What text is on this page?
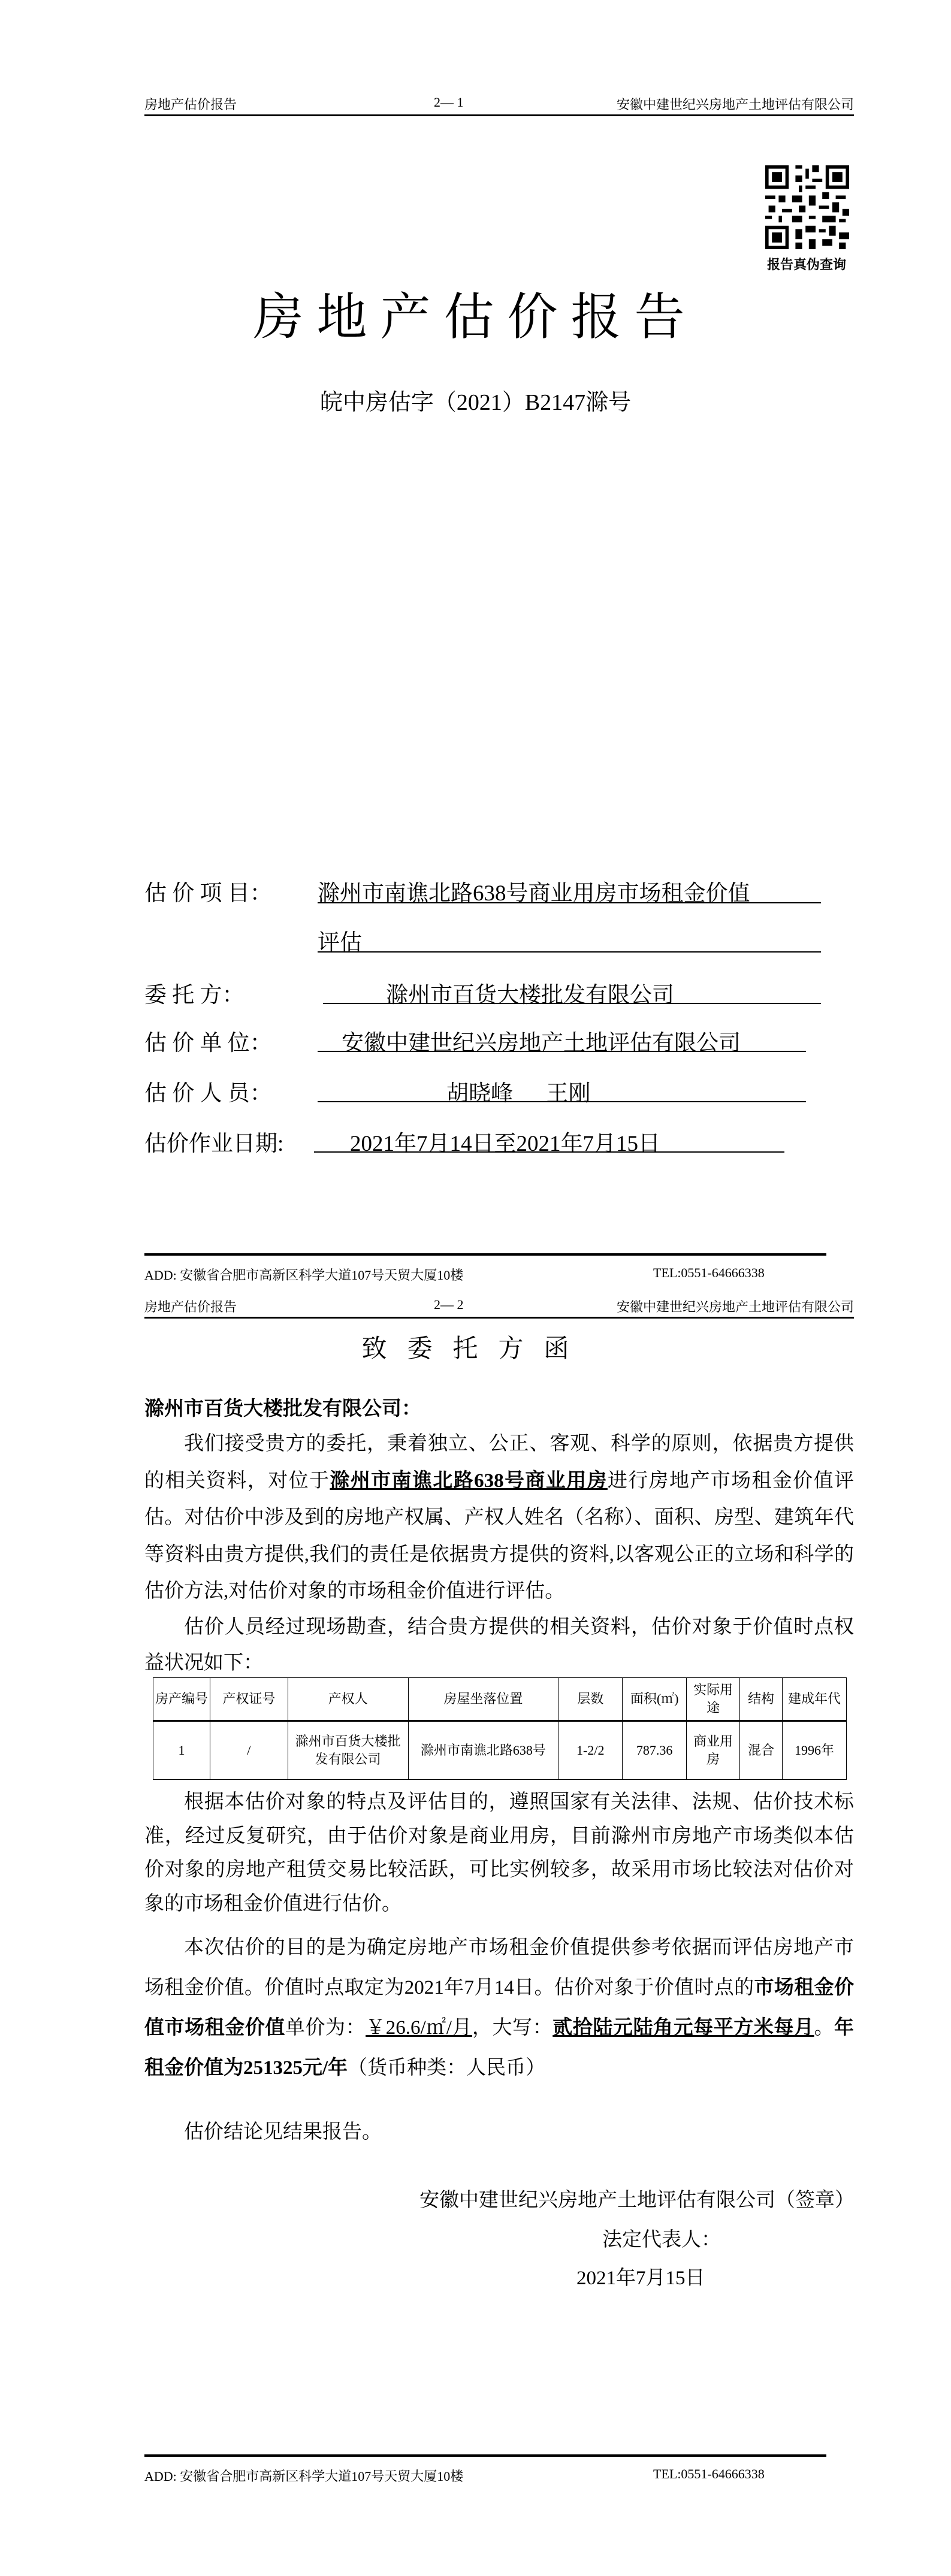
房地产估价报告	2— 1	安徽中建世纪兴房地产土地评估有限公司
报告真伪查询
房地产估价报告
皖中房估字（2021）B2147滁号
估 价 项 目：	滁州市南谯北路638号商业用房市场租金价值
评估
委 托 方：	滁州市百货大楼批发有限公司
估 价 单 位：	安徽中建世纪兴房地产土地评估有限公司
估 价 人 员：	胡晓峰      王刚
估价作业日期:	2021年7月14日至2021年7月15日
ADD: 安徽省合肥市高新区科学大道107号天贸大厦10楼	TEL:0551-64666338
房地产估价报告	2— 2	安徽中建世纪兴房地产土地评估有限公司
致委托方函
滁州市百货大楼批发有限公司：
我们接受贵方的委托，秉着独立、公正、客观、科学的原则，依据贵方提供的相关资料，对位于滁州市南谯北路638号商业用房进行房地产市场租金价值评估。对估价中涉及到的房地产权属、产权人姓名（名称）、面积、房型、建筑年代等资料由贵方提供,我们的责任是依据贵方提供的资料,以客观公正的立场和科学的估价方法,对估价对象的市场租金价值进行评估。
估价人员经过现场勘查，结合贵方提供的相关资料，估价对象于价值时点权益状况如下：
房产编号	产权证号	产权人	房屋坐落位置	层数	面积(㎡)	实际用途	结构	建成年代
1	/	滁州市百货大楼批发有限公司	滁州市南谯北路638号	1-2/2	787.36	商业用房	混合	1996年
根据本估价对象的特点及评估目的，遵照国家有关法律、法规、估价技术标准，经过反复研究，由于估价对象是商业用房，目前滁州市房地产市场类似本估价对象的房地产租赁交易比较活跃，可比实例较多，故采用市场比较法对估价对象的市场租金价值进行估价。
本次估价的目的是为确定房地产市场租金价值提供参考依据而评估房地产市场租金价值。价值时点取定为2021年7月14日。估价对象于价值时点的市场租金价值市场租金价值单价为：￥26.6/㎡/月，大写：贰拾陆元陆角元每平方米每月。年租金价值为251325元/年（货币种类：人民币）
估价结论见结果报告。
安徽中建世纪兴房地产土地评估有限公司（签章）
法定代表人：
2021年7月15日
ADD: 安徽省合肥市高新区科学大道107号天贸大厦10楼	TEL:0551-64666338
